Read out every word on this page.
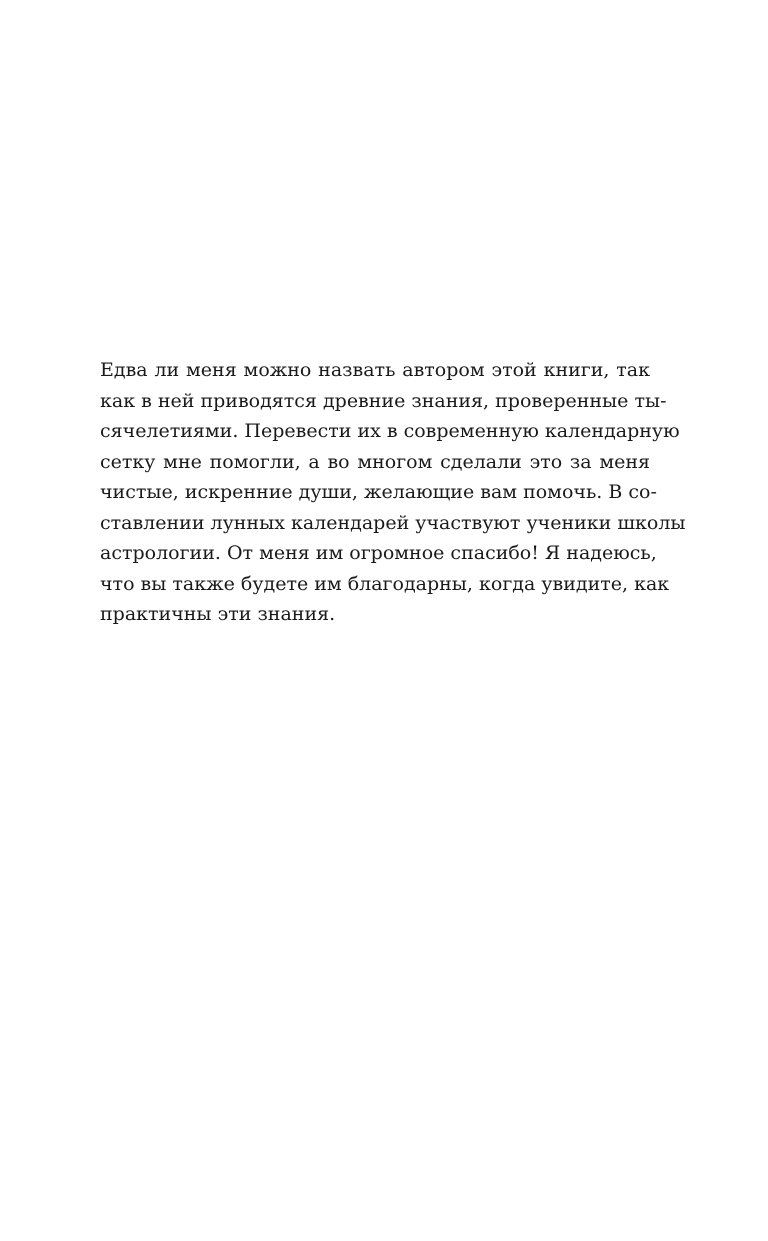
Едва ли меня можно назвать автором этой книги, так
как в ней приводятся древние знания, проверенные ты-
сячелетиями. Перевести их в современную календарную
сетку мне помогли, а во многом сделали это за меня
чистые, искренние души, желающие вам помочь. В со-
ставлении лунных календарей участвуют ученики школы
астрологии. От меня им огромное спасибо! Я надеюсь,
что вы также будете им благодарны, когда увидите, как
практичны эти знания.
